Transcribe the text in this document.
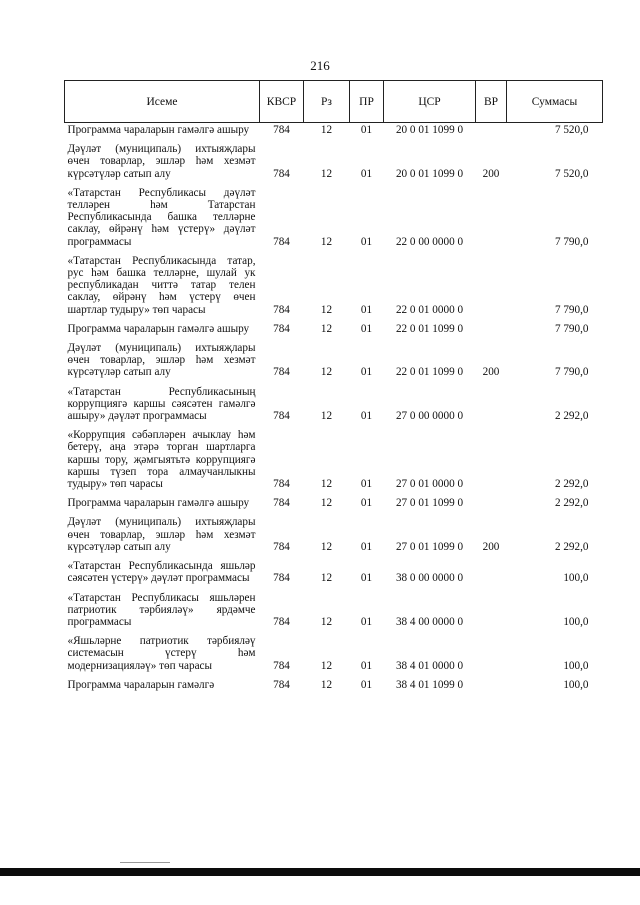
216
Исеме	КВСР	Рз	ПР	ЦСР	ВР	Суммасы
Программа чараларын гамәлгә ашыру	784	12	01	20 0 01 1099 0		7 520,0
Дәүләт (муниципаль) ихтыяҗлары өчен товарлар, эшләр һәм хезмәт күрсәтүләр сатып алу	784	12	01	20 0 01 1099 0	200	7 520,0
«Татарстан Республикасы дәүләт телләрен һәм Татарстан Республикасында башка телләрне саклау, өйрәнү һәм үстерү» дәүләт программасы	784	12	01	22 0 00 0000 0		7 790,0
«Татарстан Республикасында татар, рус һәм башка телләрне, шулай ук республикадан читтә татар телен саклау, өйрәнү һәм үстерү өчен шартлар тудыру» төп чарасы	784	12	01	22 0 01 0000 0		7 790,0
Программа чараларын гамәлгә ашыру	784	12	01	22 0 01 1099 0		7 790,0
Дәүләт (муниципаль) ихтыяҗлары өчен товарлар, эшләр һәм хезмәт күрсәтүләр сатып алу	784	12	01	22 0 01 1099 0	200	7 790,0
«Татарстан Республикасының коррупциягә каршы сәясәтен гамәлгә ашыру» дәүләт программасы	784	12	01	27 0 00 0000 0		2 292,0
«Коррупция сәбәпләрен ачыклау һәм бетерү, аңа этәрә торган шартларга каршы тору, җәмгыятьтә коррупциягә каршы түзеп тора алмаучанлыкны тудыру» төп чарасы	784	12	01	27 0 01 0000 0		2 292,0
Программа чараларын гамәлгә ашыру	784	12	01	27 0 01 1099 0		2 292,0
Дәүләт (муниципаль) ихтыяҗлары өчен товарлар, эшләр һәм хезмәт күрсәтүләр сатып алу	784	12	01	27 0 01 1099 0	200	2 292,0
«Татарстан Республикасында яшьләр сәясәтен үстерү» дәүләт программасы	784	12	01	38 0 00 0000 0		100,0
«Татарстан Республикасы яшьләрен патриотик тәрбияләү» ярдәмче программасы	784	12	01	38 4 00 0000 0		100,0
«Яшьләрне патриотик тәрбияләү системасын үстерү һәм модернизацияләү» төп чарасы	784	12	01	38 4 01 0000 0		100,0
Программа чараларын гамәлгә	784	12	01	38 4 01 1099 0		100,0
